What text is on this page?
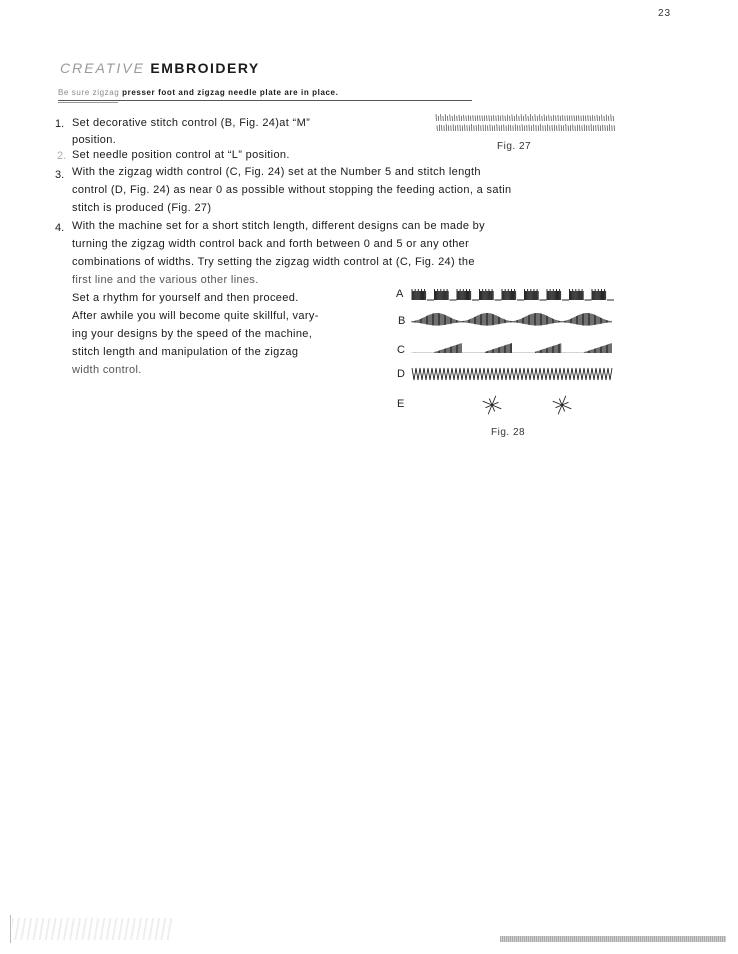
23
CREATIVE EMBROIDERY
Be sure zigzag presser foot and zigzag needle plate are in place.
1. Set decorative stitch control (B, Fig. 24)at “M”
position.
2. Set needle position control at “L” position.
3. With the zigzag width control (C, Fig. 24) set at the Number 5 and stitch length
control (D, Fig. 24) as near 0 as possible without stopping the feeding action, a satin
stitch is produced (Fig. 27)
4. With the machine set for a short stitch length, different designs can be made by
turning the zigzag width control back and forth between 0 and 5 or any other
combinations of widths. Try setting the zigzag width control at (C, Fig. 24) the
first line and the various other lines.
Set a rhythm for yourself and then proceed.
After awhile you will become quite skillful, vary-
ing your designs by the speed of the machine,
stitch length and manipulation of the zigzag
width control.
Fig. 27
A
B
C
D
E
Fig. 28
